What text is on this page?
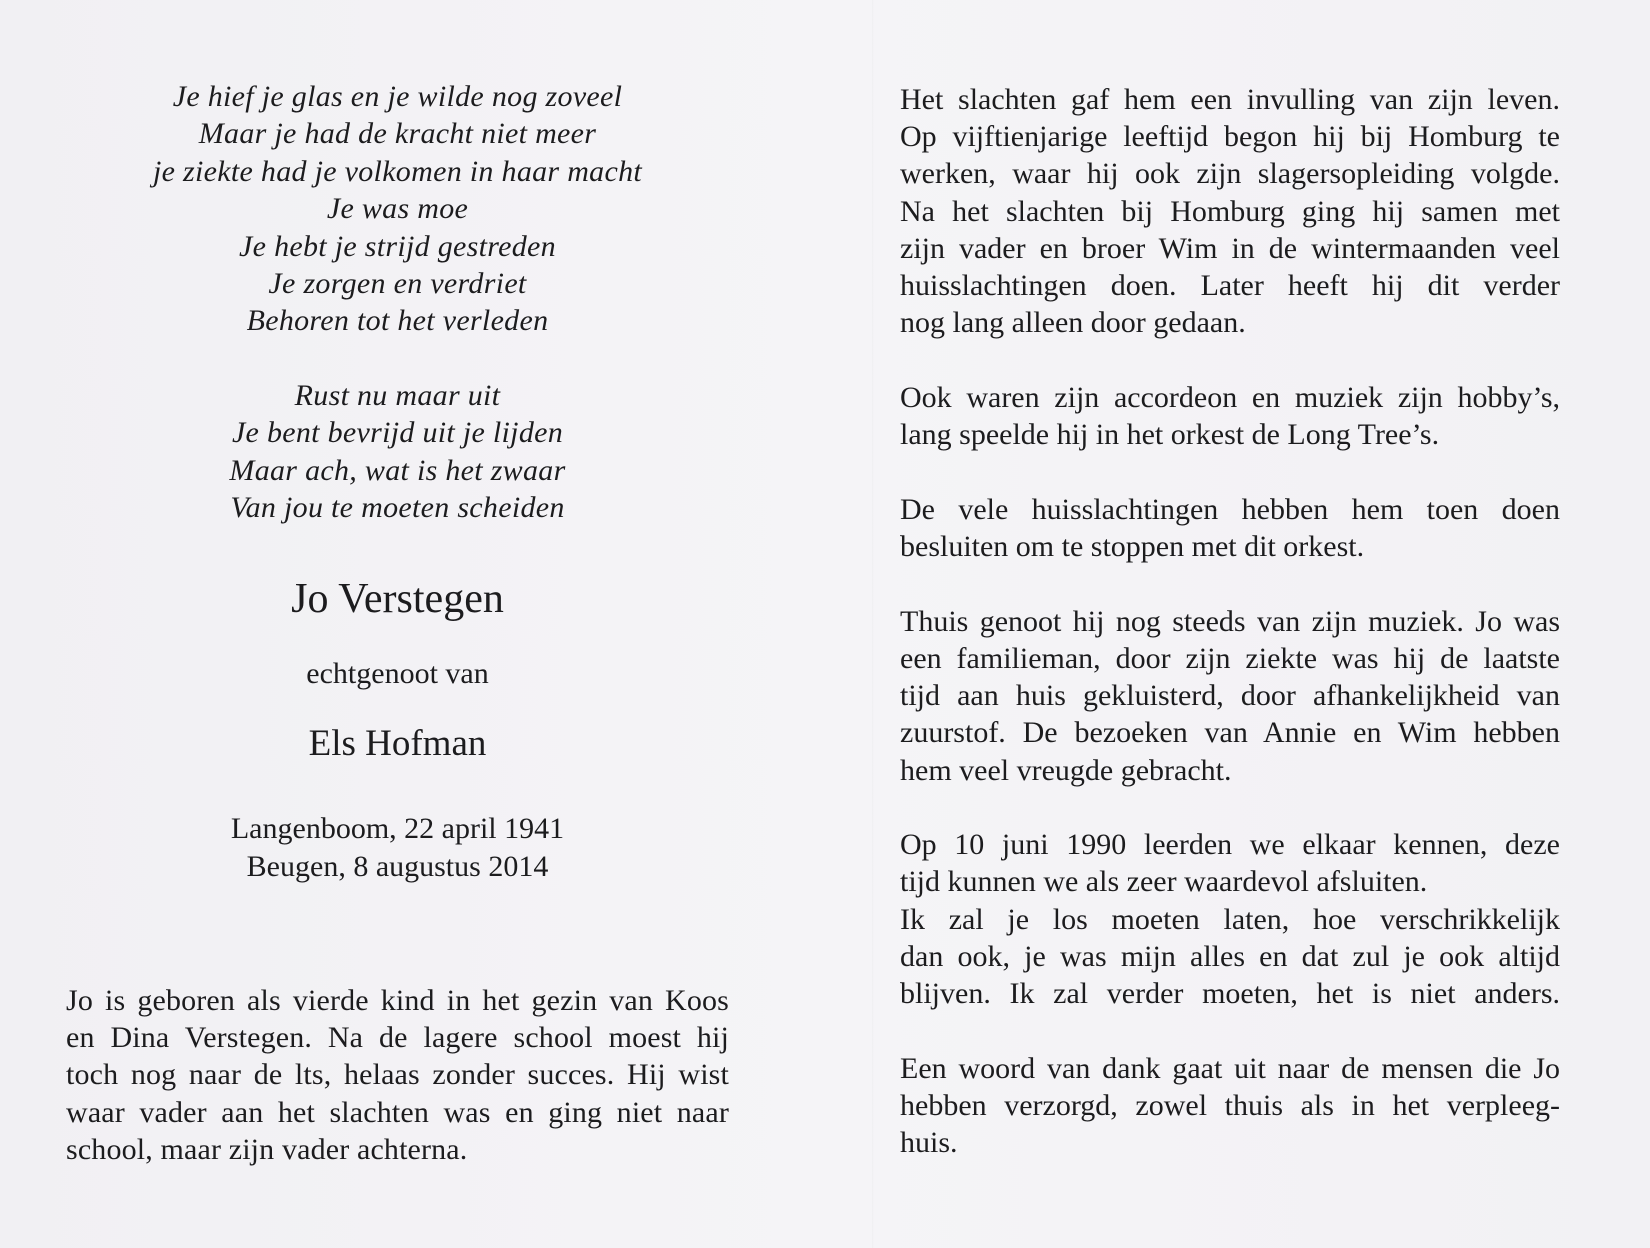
Je hief je glas en je wilde nog zoveel
Maar je had de kracht niet meer
je ziekte had je volkomen in haar macht
Je was moe
Je hebt je strijd gestreden
Je zorgen en verdriet
Behoren tot het verleden
Rust nu maar uit
Je bent bevrijd uit je lijden
Maar ach, wat is het zwaar
Van jou te moeten scheiden
Jo Verstegen
echtgenoot van
Els Hofman
Langenboom, 22 april 1941
Beugen, 8 augustus 2014
Jo is geboren als vierde kind in het gezin van Koos
en Dina Verstegen. Na de lagere school moest hij
toch nog naar de lts, helaas zonder succes. Hij wist
waar vader aan het slachten was en ging niet naar
school, maar zijn vader achterna.
Het slachten gaf hem een invulling van zijn leven.
Op vijftienjarige leeftijd begon hij bij Homburg te
werken, waar hij ook zijn slagersopleiding volgde.
Na het slachten bij Homburg ging hij samen met
zijn vader en broer Wim in de wintermaanden veel
huisslachtingen doen. Later heeft hij dit verder
nog lang alleen door gedaan.
Ook waren zijn accordeon en muziek zijn hobby’s,
lang speelde hij in het orkest de Long Tree’s.
De vele huisslachtingen hebben hem toen doen
besluiten om te stoppen met dit orkest.
Thuis genoot hij nog steeds van zijn muziek. Jo was
een familieman, door zijn ziekte was hij de laatste
tijd aan huis gekluisterd, door afhankelijkheid van
zuurstof. De bezoeken van Annie en Wim hebben
hem veel vreugde gebracht.
Op 10 juni 1990 leerden we elkaar kennen, deze
tijd kunnen we als zeer waardevol afsluiten.
Ik zal je los moeten laten, hoe verschrikkelijk
dan ook, je was mijn alles en dat zul je ook altijd
blijven. Ik zal verder moeten, het is niet anders.
Een woord van dank gaat uit naar de mensen die Jo
hebben verzorgd, zowel thuis als in het verpleeg-
huis.
